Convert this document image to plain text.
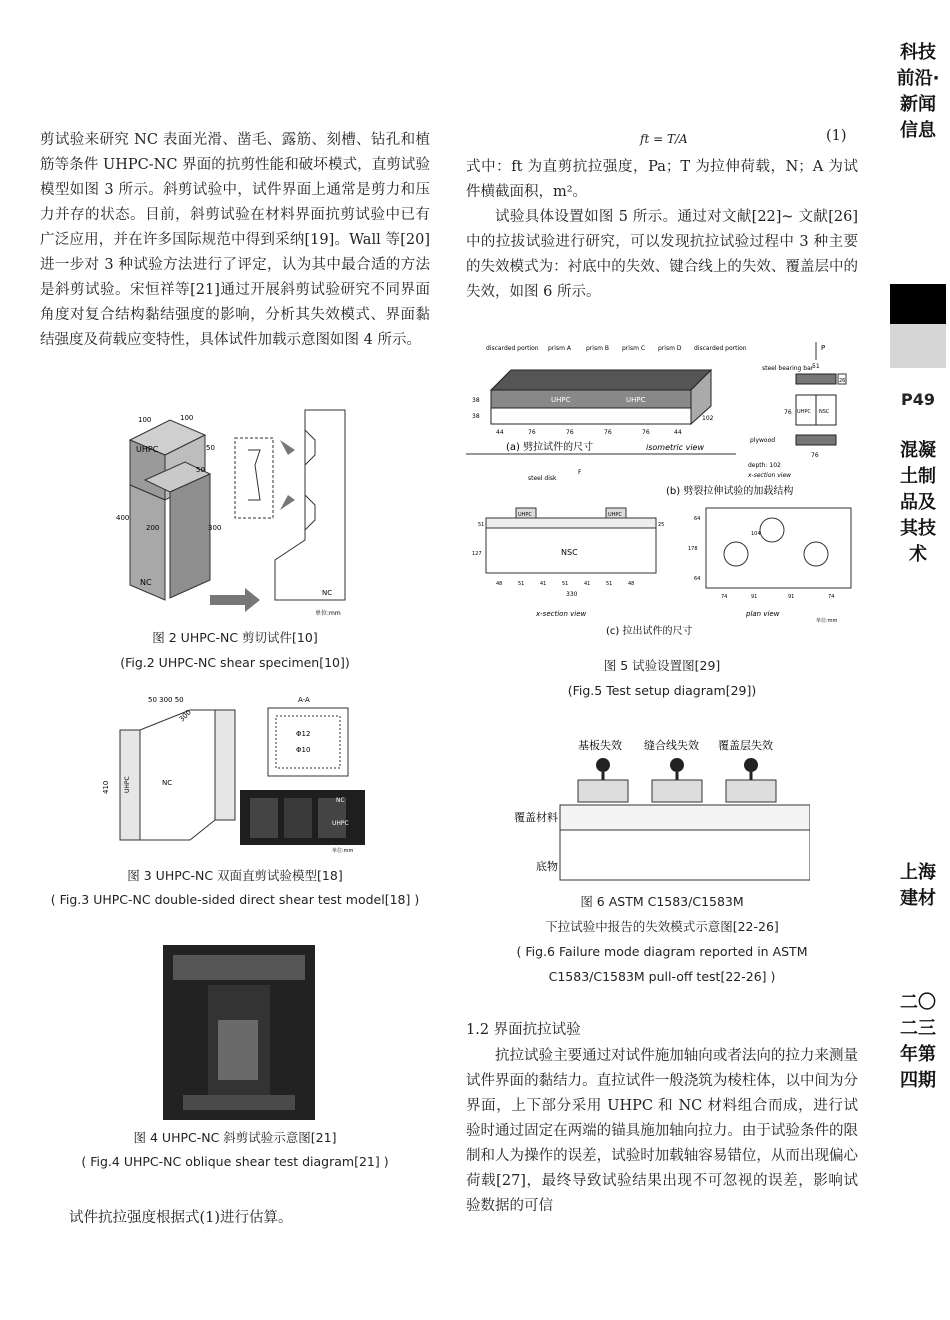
剪试验来研究 NC 表面光滑、凿毛、露筋、刻槽、钻孔和植筋等条件 UHPC-NC 界面的抗剪性能和破坏模式，直剪试验模型如图 3 所示。斜剪试验中，试件界面上通常是剪力和压力并存的状态。目前，斜剪试验在材料界面抗剪试验中已有广泛应用，并在许多国际规范中得到采纳[19]。Wall 等[20]进一步对 3 种试验方法进行了评定，认为其中最合适的方法是斜剪试验。宋恒祥等[21]通过开展斜剪试验研究不同界面角度对复合结构黏结强度的影响，分析其失效模式、界面黏结强度及荷载应变特性，具体试件加载示意图如图 4 所示。

UHPC
NC
100	100
50
50
400
200	300
NC
单位:mm
图 2 UHPC-NC 剪切试件[10]
(Fig.2 UHPC-NC shear specimen[10])
50 300 50
NC
UHPC
410
300
A-A
Φ12
Φ10
NC
UHPC
单位:mm
图 3 UHPC-NC 双面直剪试验模型[18]
( Fig.3 UHPC-NC double-sided direct shear test model[18] )
图 4 UHPC-NC 斜剪试验示意图[21]
( Fig.4 UHPC-NC oblique shear test diagram[21] )

试件抗拉强度根据式(1)进行估算。

ft = T/A	(1)

式中：ft 为直剪抗拉强度，Pa；T 为拉伸荷载，N；A 为试件横截面积，m²。

试验具体设置如图 5 所示。通过对文献[22]~ 文献[26]中的拉拔试验进行研究，可以发现抗拉试验过程中 3 种主要的失效模式为：衬底中的失效、键合线上的失效、覆盖层中的失效，如图 6 所示。

discarded portion prism A	prism B prism C prism D discarded portion
UHPC	UHPC
38
38
44	76	76	76	76	44
102
(a) 劈拉试件的尺寸	isometric view
P
steel bearing bar
51
26
UHPC NSC
76
plywood
76
depth: 102
x-section view
(b) 劈裂拉伸试验的加载结构
steel disk
F
UHPC	UHPC
NSC
51	25
127
48	51	41	51	41	51	48
330
x-section view
64
178
64
104
74	91	91	74
plan view
单位:mm
(c) 拉出试件的尺寸
图 5 试验设置图[29]
(Fig.5 Test setup diagram[29])
基板失效 缝合线失效 覆盖层失效
覆盖材料
底物
图 6 ASTM C1583/C1583M
下拉试验中报告的失效模式示意图[22-26]
( Fig.6 Failure mode diagram reported in ASTM
C1583/C1583M pull-off test[22-26] )
1.2 界面抗拉试验

抗拉试验主要通过对试件施加轴向或者法向的拉力来测量试件界面的黏结力。直拉试件一般浇筑为棱柱体，以中间为分界面，上下部分采用 UHPC 和 NC 材料组合而成，进行试验时通过固定在两端的锚具施加轴向拉力。由于试验条件的限制和人为操作的误差，试验时加载轴容易错位，从而出现偏心荷载[27]，最终导致试验结果出现不可忽视的误差，影响试验数据的可信

科技前沿·新闻信息
P49
混凝土制品及其技术
上海建材
二〇二三年第四期
